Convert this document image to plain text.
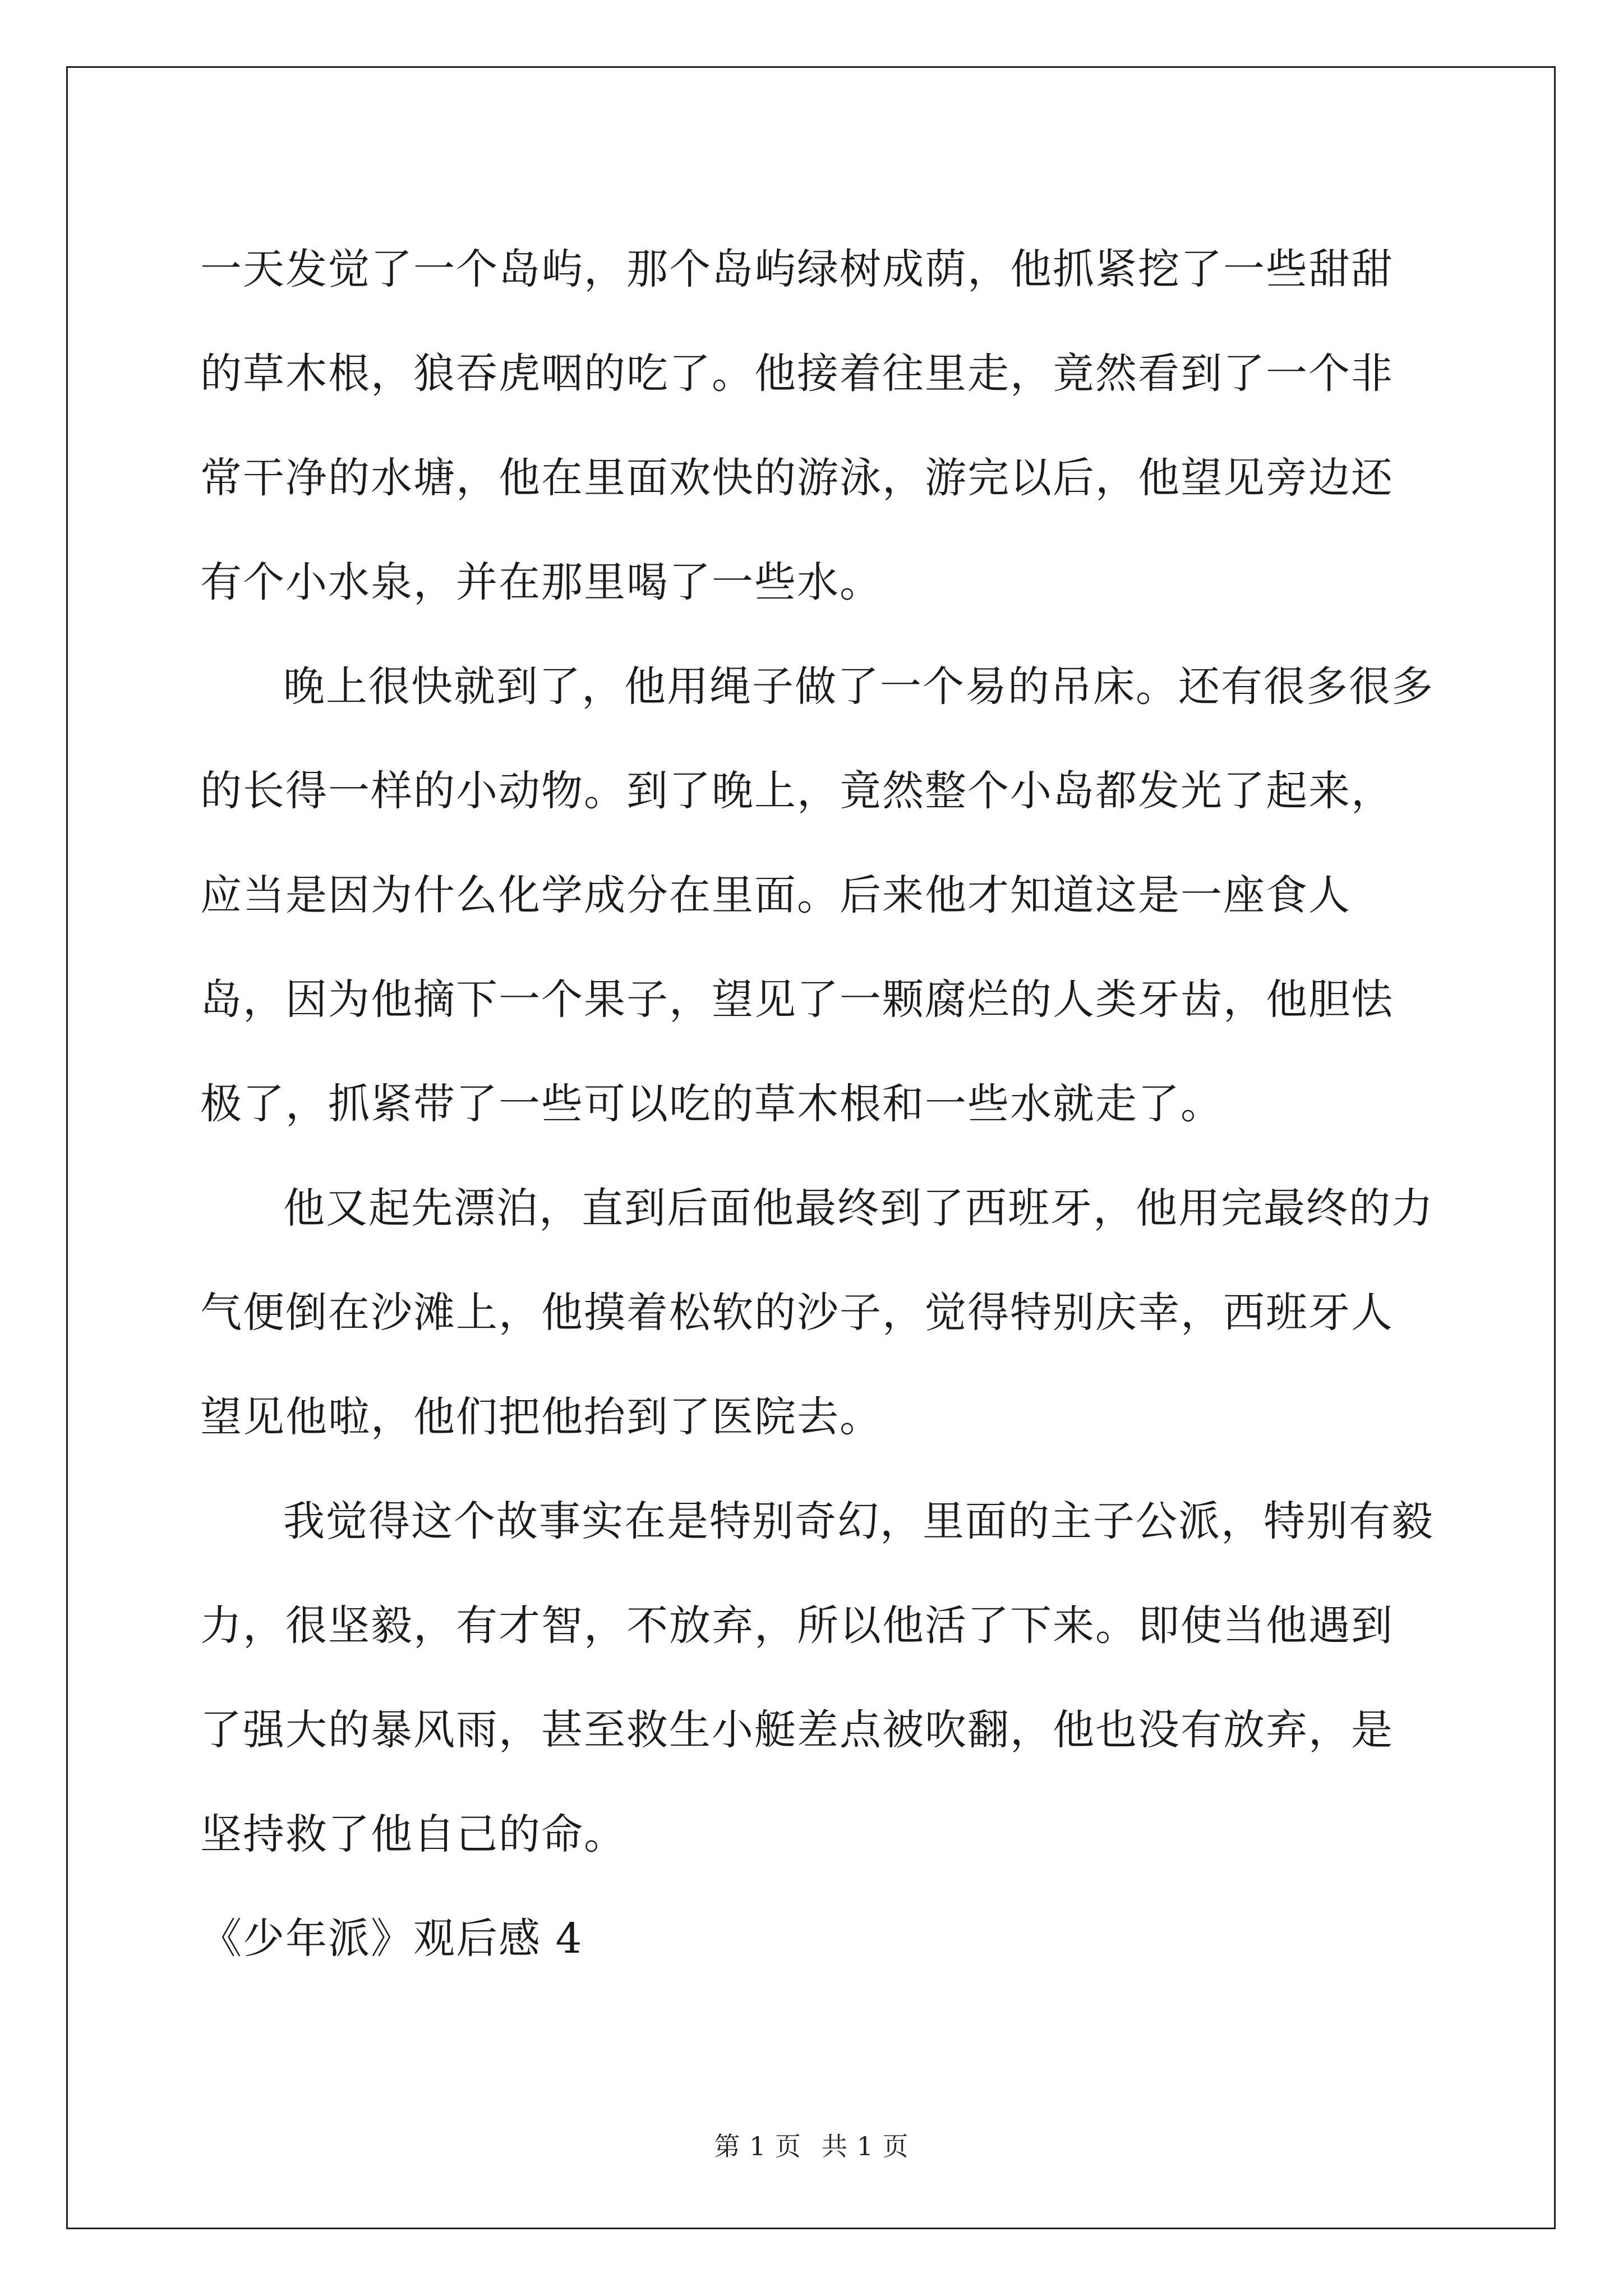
一天发觉了一个岛屿，那个岛屿绿树成荫，他抓紧挖了一些甜甜的草木根，狼吞虎咽的吃了。他接着往里走，竟然看到了一个非常干净的水塘，他在里面欢快的游泳，游完以后，他望见旁边还有个小水泉，并在那里喝了一些水。

晚上很快就到了，他用绳子做了一个易的吊床。还有很多很多的长得一样的小动物。到了晚上，竟然整个小岛都发光了起来，应当是因为什么化学成分在里面。后来他才知道这是一座食人岛，因为他摘下一个果子，望见了一颗腐烂的人类牙齿，他胆怯 极了，抓紧带了一些可以吃的草木根和一些水就走了。

他又起先漂泊，直到后面他最终到了西班牙，他用完最终的力气便倒在沙滩上，他摸着松软的沙子，觉得特别庆幸，西班牙人望见他啦，他们把他抬到了医院去。

我觉得这个故事实在是特别奇幻，里面的主子公派，特别有毅力，很坚毅，有才智，不放弃，所以他活了下来。即使当他遇到了强大的暴风雨，甚至救生小艇差点被吹翻，他也没有放弃，是坚持救了他自己的命。

《少年派》观后感 4

第 1 页 共 1 页
